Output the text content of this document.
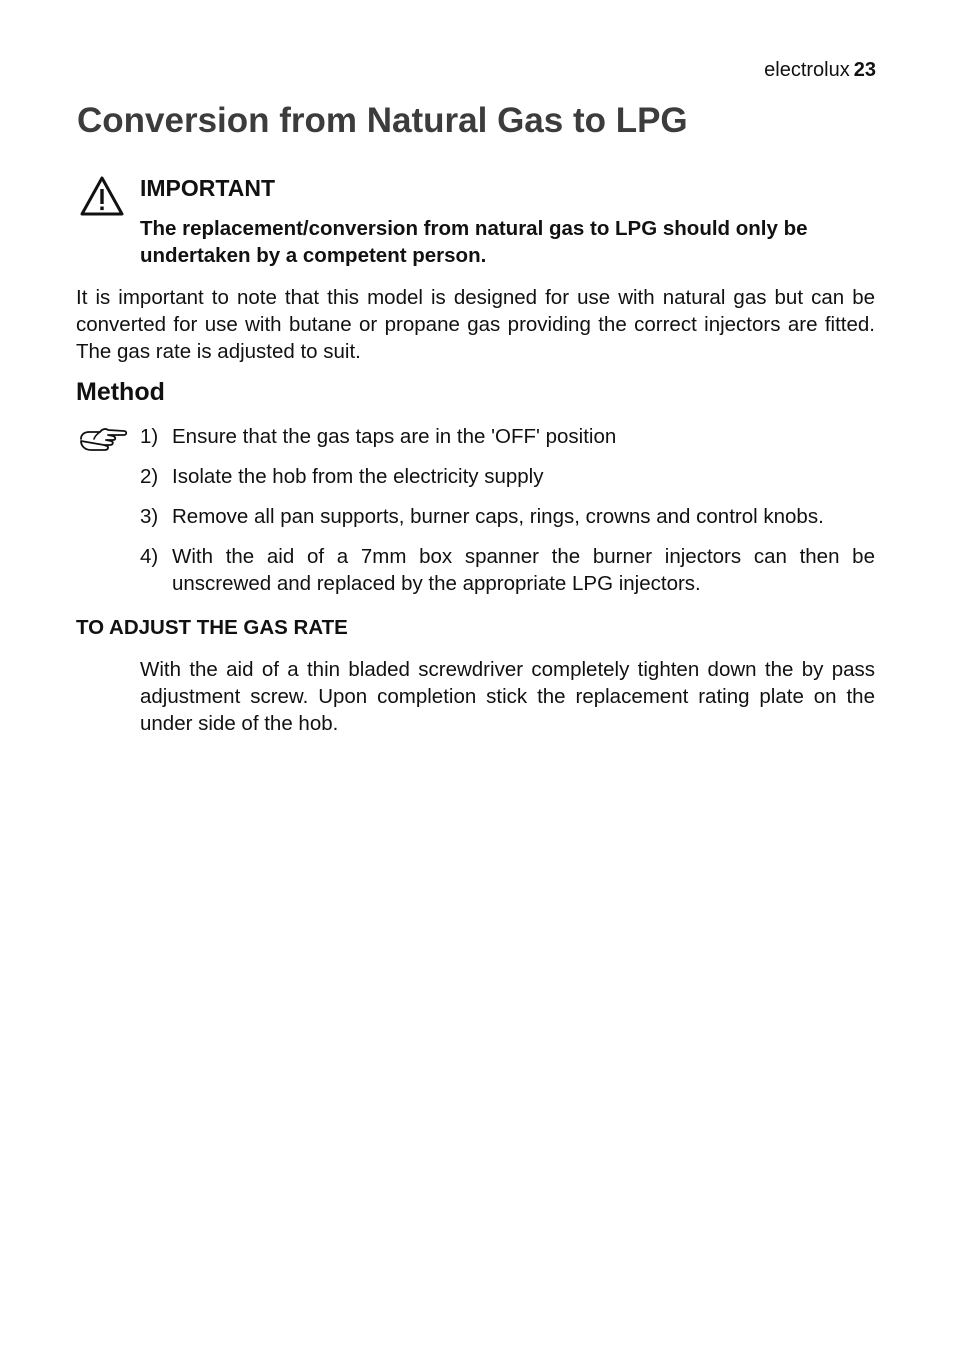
electrolux 23
Conversion from Natural Gas to LPG
IMPORTANT
The replacement/conversion from natural gas to LPG should only be undertaken by a competent person.

It is important to note that this model is designed for use with natural gas but can be converted for use with butane or propane gas providing the correct injectors are fitted. The gas rate is adjusted to suit.

Method
1) Ensure that the gas taps are in the 'OFF' position
2) Isolate the hob from the electricity supply
3) Remove all pan supports, burner caps, rings, crowns and control knobs.
4) With the aid of a 7mm box spanner the burner injectors can then be unscrewed and replaced by the appropriate LPG injectors.
TO ADJUST THE GAS RATE

With the aid of a thin bladed screwdriver completely tighten down the by pass adjustment screw. Upon completion stick the replacement rating plate on the under side of the hob.
